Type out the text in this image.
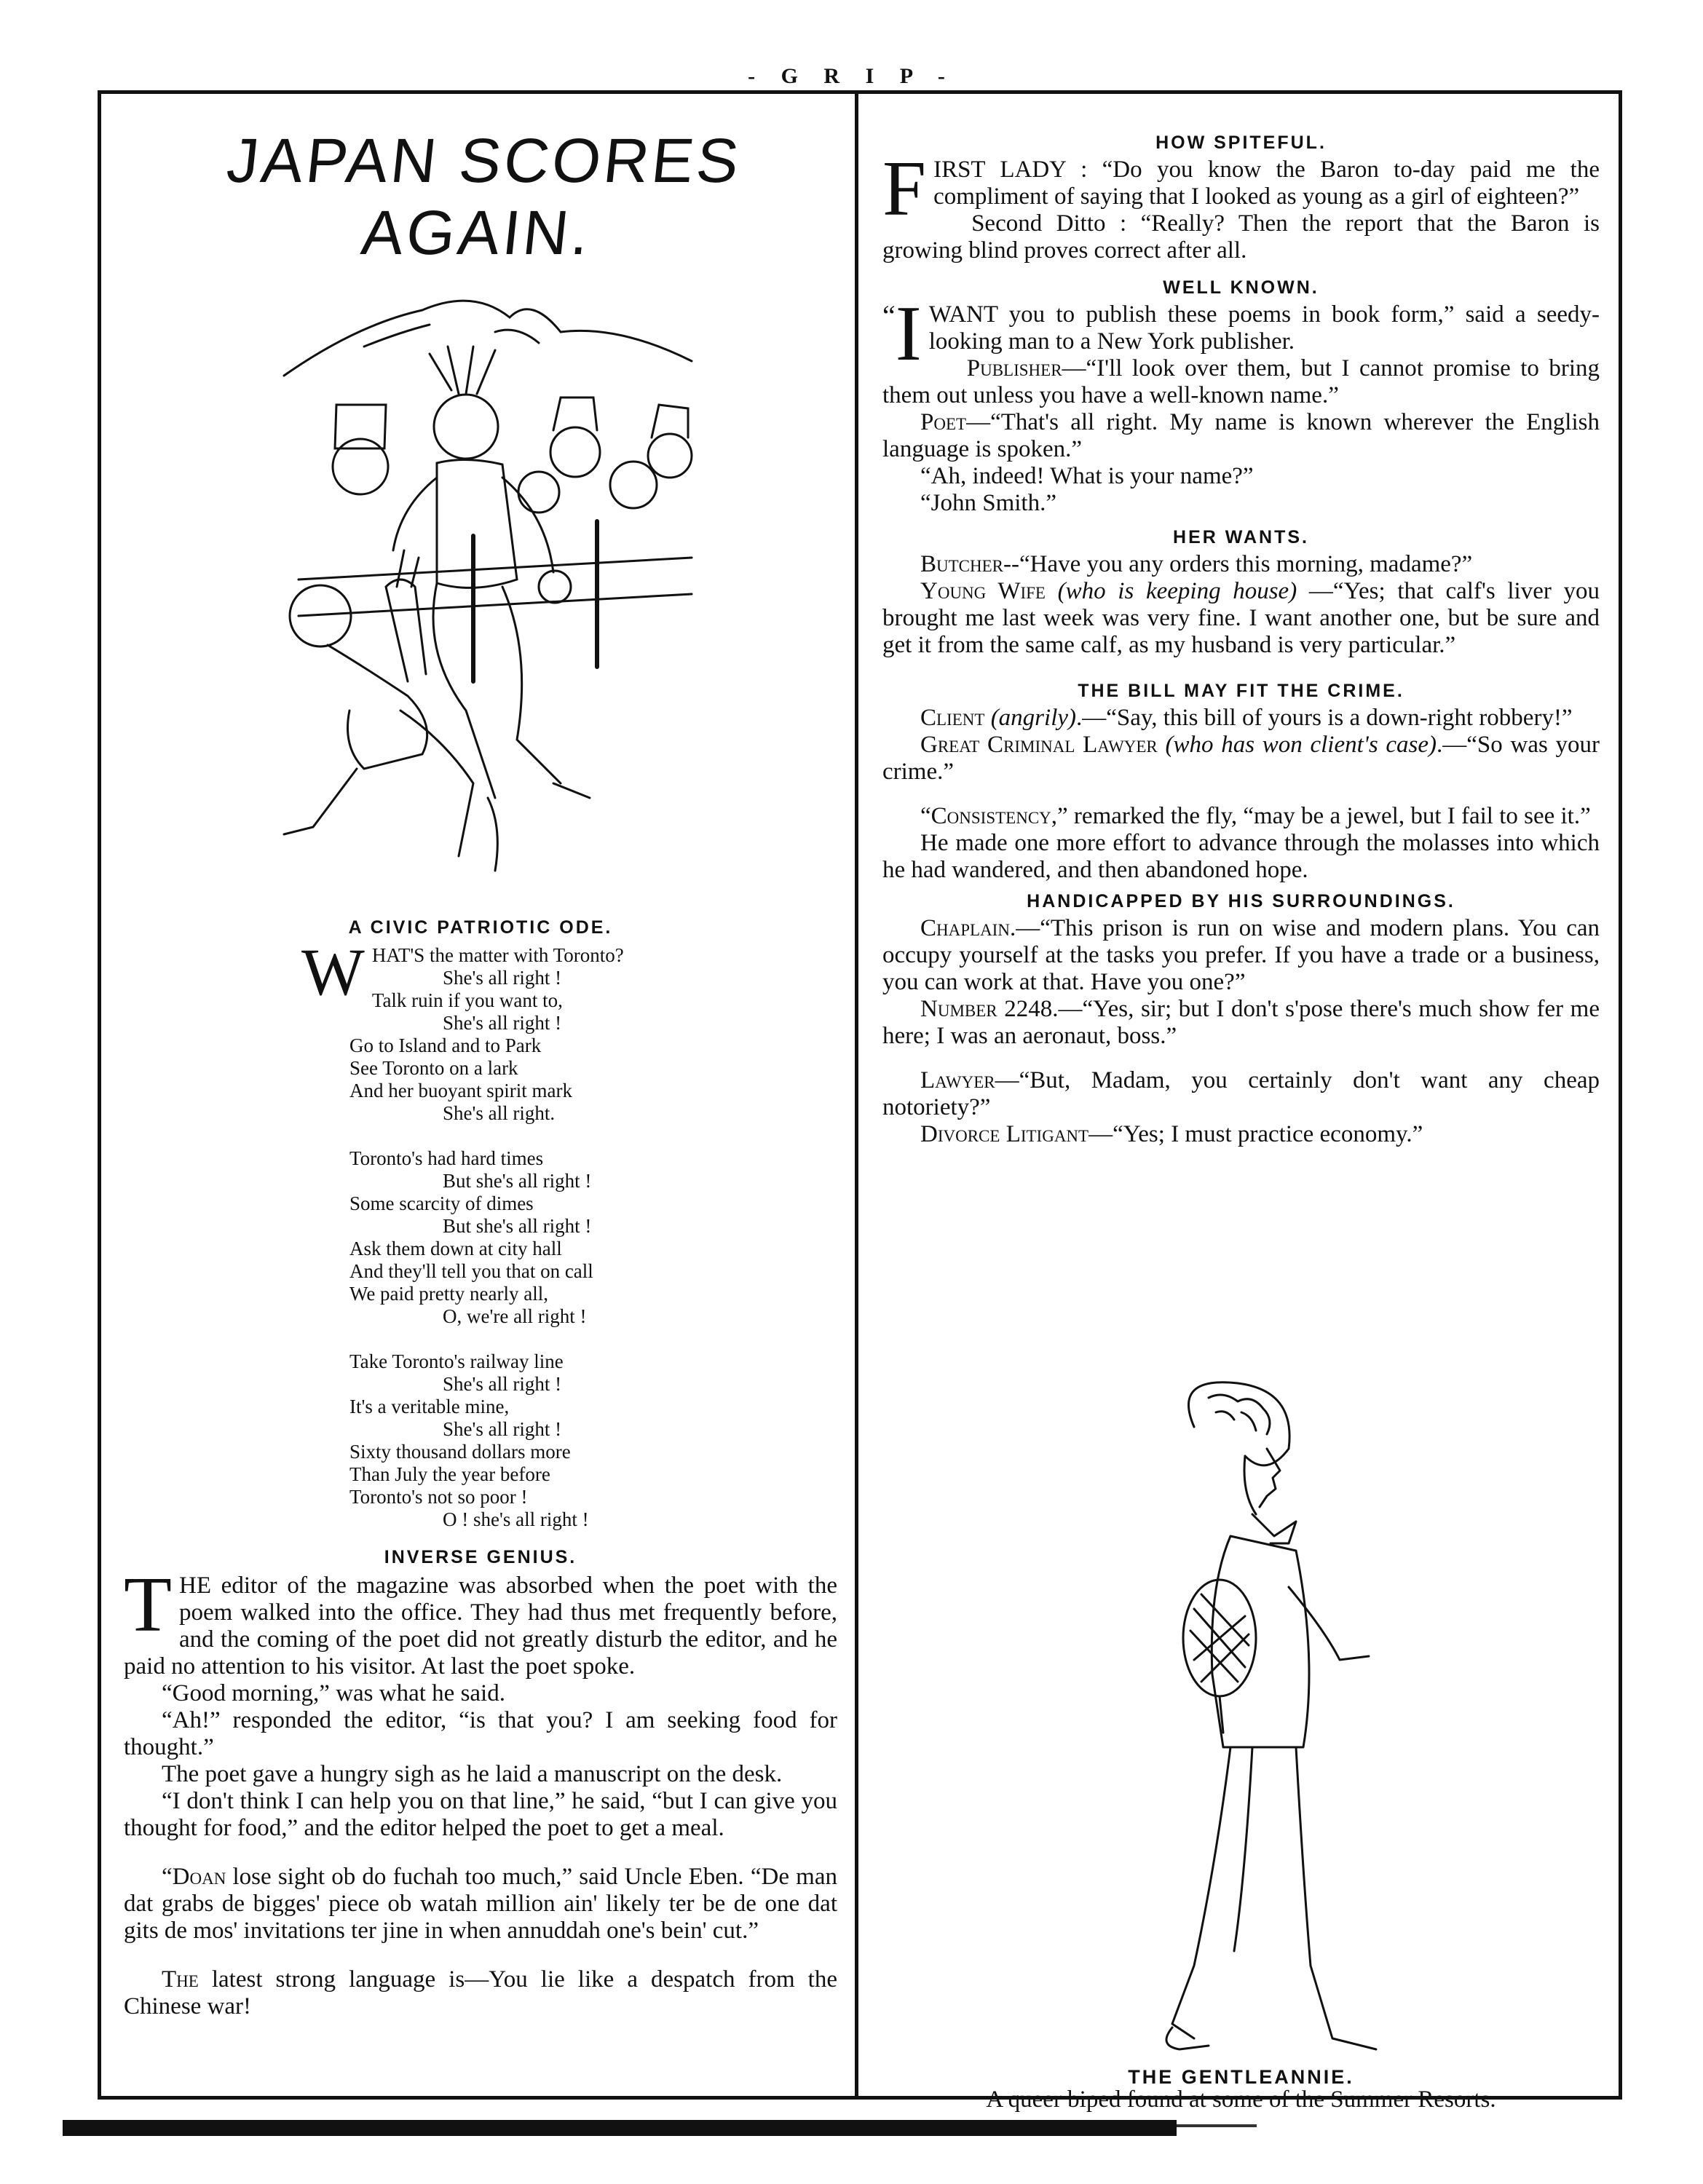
- G R I P -
JAPAN SCORES AGAIN.
A CIVIC PATRIOTIC ODE.
W HAT'S the matter with Toronto?
She's all right !
Talk ruin if you want to,
She's all right !
Go to Island and to Park
See Toronto on a lark
And her buoyant spirit mark
She's all right.
Toronto's had hard times
But she's all right !
Some scarcity of dimes
But she's all right !
Ask them down at city hall
And they'll tell you that on call
We paid pretty nearly all,
O, we're all right !
Take Toronto's railway line
She's all right !
It's a veritable mine,
She's all right !
Sixty thousand dollars more
Than July the year before
Toronto's not so poor !
O ! she's all right !
INVERSE GENIUS.

THE editor of the magazine was absorbed when the poet with the poem walked into the office. They had thus met frequently before, and the coming of the poet did not greatly disturb the editor, and he paid no attention to his visitor. At last the poet spoke.

“Good morning,” was what he said.

“Ah!” responded the editor, “is that you? I am seeking food for thought.”

The poet gave a hungry sigh as he laid a manuscript on the desk.

“I don't think I can help you on that line,” he said, “but I can give you thought for food,” and the editor helped the poet to get a meal.

“Doan lose sight ob do fuchah too much,” said Uncle Eben. “De man dat grabs de bigges' piece ob watah million ain' likely ter be de one dat gits de mos' invitations ter jine in when annuddah one's bein' cut.”

The latest strong language is—You lie like a despatch from the Chinese war!

HOW SPITEFUL.

FIRST LADY : “Do you know the Baron to-day paid me the compliment of saying that I looked as young as a girl of eighteen?”

Second Ditto : “Really? Then the report that the Baron is growing blind proves correct after all.

WELL KNOWN.

“ I WANT you to publish these poems in book form,” said a seedy-looking man to a New York publisher.

Publisher—“I'll look over them, but I cannot promise to bring them out unless you have a well-known name.”

Poet—“That's all right. My name is known wherever the English language is spoken.”

“Ah, indeed! What is your name?”

“John Smith.”

HER WANTS.

Butcher--“Have you any orders this morning, madame?”

Young Wife (who is keeping house) —“Yes; that calf's liver you brought me last week was very fine. I want another one, but be sure and get it from the same calf, as my husband is very particular.”

THE BILL MAY FIT THE CRIME.

Client (angrily).—“Say, this bill of yours is a down-right robbery!”

Great Criminal Lawyer (who has won client's case).—“So was your crime.”

“Consistency,” remarked the fly, “may be a jewel, but I fail to see it.”

He made one more effort to advance through the molasses into which he had wandered, and then abandoned hope.

HANDICAPPED BY HIS SURROUNDINGS.

Chaplain.—“This prison is run on wise and modern plans. You can occupy yourself at the tasks you prefer. If you have a trade or a business, you can work at that. Have you one?”

Number 2248.—“Yes, sir; but I don't s'pose there's much show fer me here; I was an aeronaut, boss.”

Lawyer—“But, Madam, you certainly don't want any cheap notoriety?”

Divorce Litigant—“Yes; I must practice economy.”

THE GENTLEANNIE.

A queer biped found at some of the Summer Resorts.
